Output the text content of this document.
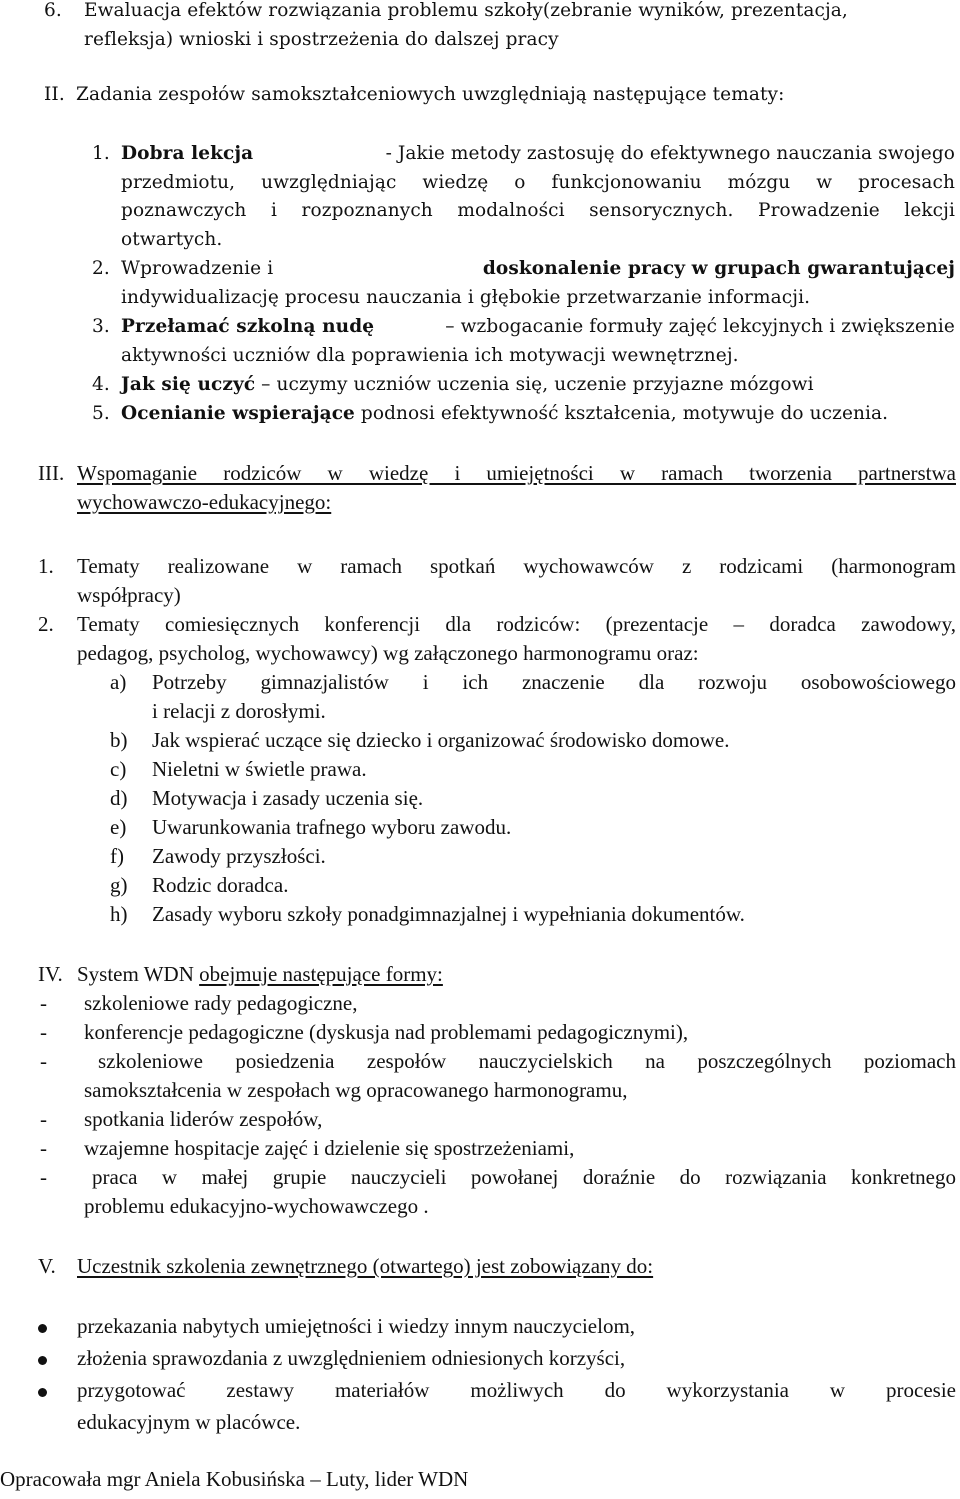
6. Ewaluacja efektów rozwiązania problemu szkoły(zebranie wyników, prezentacja,
refleksja) wnioski i spostrzeżenia do dalszej pracy
II. Zadania zespołów samokształceniowych uwzględniają następujące tematy:
1. Dobra lekcja	- Jakie metody zastosuję do efektywnego nauczania swojego
przedmiotu, uwzględniając wiedzę o funkcjonowaniu mózgu w procesach
poznawczych i rozpoznanych modalności sensorycznych. Prowadzenie lekcji
otwartych.
2. Wprowadzenie i	doskonalenie pracy w grupach gwarantującej
indywidualizację procesu nauczania i głębokie przetwarzanie informacji.
3. Przełamać szkolną nudę	– wzbogacanie formuły zajęć lekcyjnych i zwiększenie
aktywności uczniów dla poprawienia ich motywacji wewnętrznej.
4. Jak się uczyć – uczymy uczniów uczenia się, uczenie przyjazne mózgowi
5. Ocenianie wspierające podnosi efektywność kształcenia, motywuje do uczenia.
III. Wspomaganie rodziców w wiedzę i umiejętności w ramach tworzenia partnerstwa
wychowawczo-edukacyjnego:
1. Tematy realizowane w ramach spotkań wychowawców z rodzicami (harmonogram
współpracy)
2. Tematy comiesięcznych konferencji dla rodziców: (prezentacje – doradca zawodowy,
pedagog, psycholog, wychowawcy) wg załączonego harmonogramu oraz:
a) Potrzeby gimnazjalistów i ich znaczenie dla rozwoju osobowościowego
i relacji z dorosłymi.
b) Jak wspierać uczące się dziecko i organizować środowisko domowe.
c) Nieletni w świetle prawa.
d) Motywacja i zasady uczenia się.
e) Uwarunkowania trafnego wyboru zawodu.
f) Zawody przyszłości.
g) Rodzic doradca.
h) Zasady wyboru szkoły ponadgimnazjalnej i wypełniania dokumentów.
IV. System WDN obejmuje następujące formy:
- szkoleniowe rady pedagogiczne,
- konferencje pedagogiczne (dyskusja nad problemami pedagogicznymi),
- szkoleniowe posiedzenia zespołów nauczycielskich na poszczególnych poziomach
samokształcenia w zespołach wg opracowanego harmonogramu,
- spotkania liderów zespołów,
- wzajemne hospitacje zajęć i dzielenie się spostrzeżeniami,
- praca w małej grupie nauczycieli powołanej doraźnie do rozwiązania konkretnego
problemu edukacyjno-wychowawczego .
V. Uczestnik szkolenia zewnętrznego (otwartego) jest zobowiązany do:
przekazania nabytych umiejętności i wiedzy innym nauczycielom,
złożenia sprawozdania z uwzględnieniem odniesionych korzyści,
przygotować zestawy materiałów możliwych do wykorzystania w procesie
edukacyjnym w placówce.
Opracowała mgr Aniela Kobusińska – Luty, lider WDN
